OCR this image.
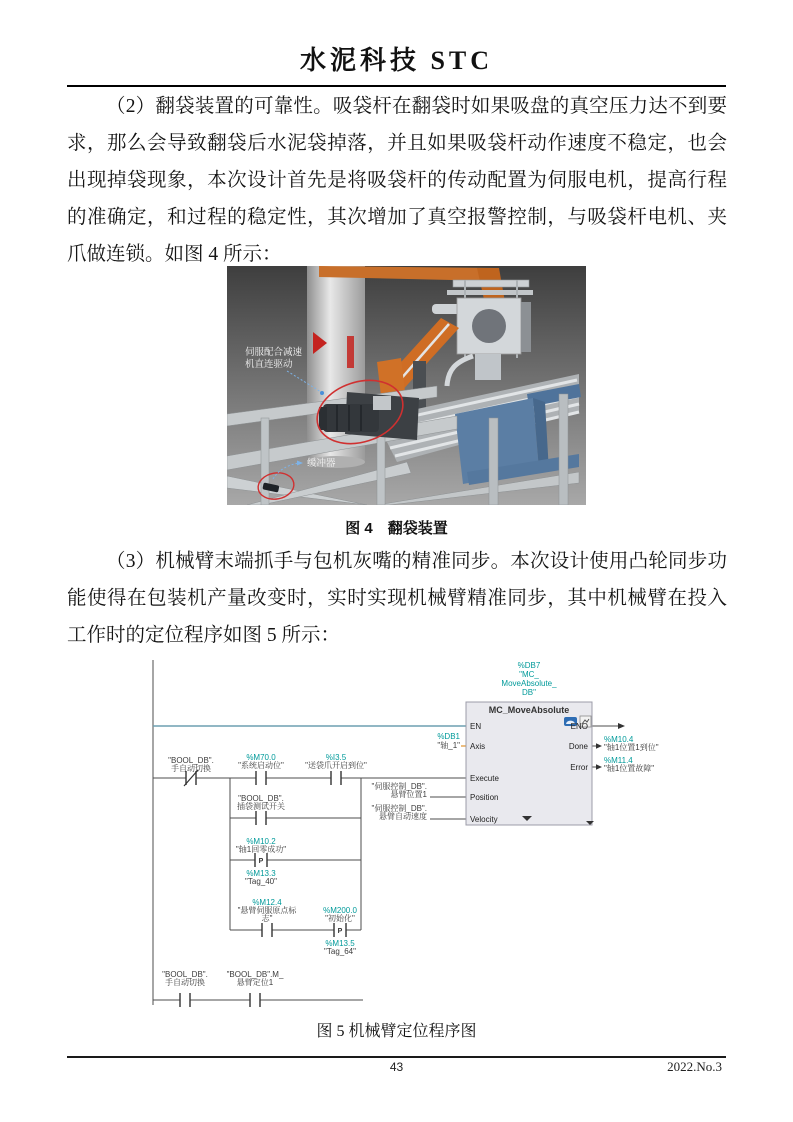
水泥科技 STC
（2）翻袋装置的可靠性。吸袋杆在翻袋时如果吸盘的真空压力达不到要求，那么会导致翻袋后水泥袋掉落，并且如果吸袋杆动作速度不稳定，也会出现掉袋现象，本次设计首先是将吸袋杆的传动配置为伺服电机，提高行程的准确定，和过程的稳定性，其次增加了真空报警控制，与吸袋杆电机、夹爪做连锁。如图 4 所示：
伺服配合减速
机直连驱动
缓冲器
图 4　翻袋装置
（3）机械臂末端抓手与包机灰嘴的精准同步。本次设计使用凸轮同步功能使得在包装机产量改变时，实时实现机械臂精准同步，其中机械臂在投入工作时的定位程序如图 5 所示：
P
P
MC_MoveAbsolute
EN
Axis
Execute
Position
Velocity
ENO
Done
Error
%DB7
"MC_
MoveAbsolute_
DB"
%DB1
"轴_1"
%M10.4
"轴1位置1到位"
%M11.4
"轴1位置故障"
"伺服控制_DB".
悬臂位置1
"伺服控制_DB".
悬臂自动速度
"BOOL_DB".
手自动切换
%M70.0
"系统启动位"
%I3.5
"送袋爪开启到位"
"BOOL_DB".
插袋测试开关
%M10.2
"轴1回零成功"
%M13.3
"Tag_40"
%M12.4
"悬臂伺服原点标
志"
%M200.0
"初始化"
%M13.5
"Tag_64"
"BOOL_DB".
手自动切换
"BOOL_DB".M_
悬臂定位1
图 5 机械臂定位程序图
43	2022.No.3
